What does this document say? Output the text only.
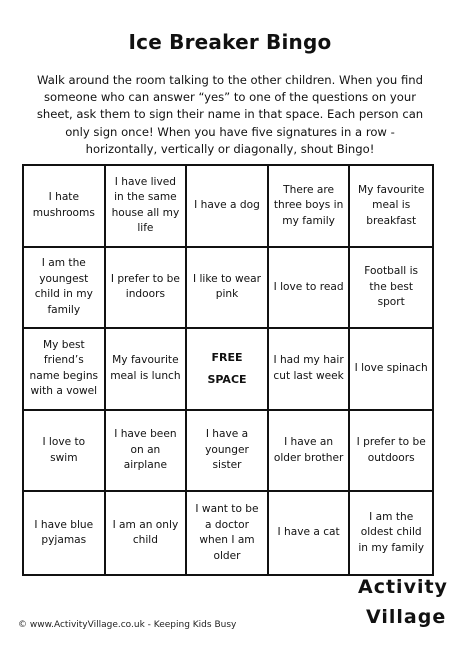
Ice Breaker Bingo
Walk around the room talking to the other children. When you find someone who can answer “yes” to one of the questions on your sheet, ask them to sign their name in that space. Each person can only sign once! When you have five signatures in a row - horizontally, vertically or diagonally, shout Bingo!
I hate mushrooms
I have lived in the same house all my life
I have a dog
There are three boys in my family
My favourite meal is breakfast
I am the youngest child in my family
I prefer to be indoors
I like to wear pink
I love to read
Football is the best sport
My best friend’s name begins with a vowel
My favourite meal is lunch
FREE
SPACE
I had my hair cut last week
I love spinach
I love to swim
I have been on an airplane
I have a younger sister
I have an older brother
I prefer to be outdoors
I have blue pyjamas
I am an only child
I want to be a doctor when I am older
I have a cat
I am the oldest child in my family
© www.ActivityVillage.co.uk - Keeping Kids Busy
Activity
Village
